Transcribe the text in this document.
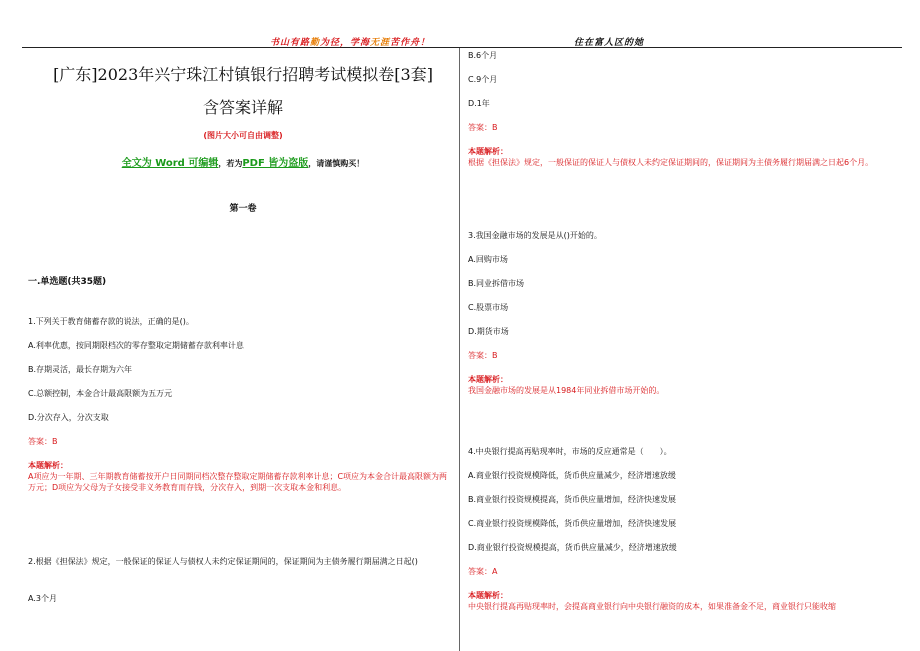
书山有路勤为径，学海无涯苦作舟！	住在富人区的她
[广东]2023年兴宁珠江村镇银行招聘考试模拟卷[3套]
含答案详解
(图片大小可自由调整)
全文为 Word 可编辑，若为PDF 皆为盗版，请谨慎购买！
第一卷
一.单选题(共35题)
1.下列关于教育储蓄存款的说法，正确的是()。
A.利率优惠，按同期限档次的零存整取定期储蓄存款利率计息
B.存期灵活，最长存期为六年
C.总额控制，本金合计最高限额为五万元
D.分次存入，分次支取
答案：B
本题解析：
A项应为一年期、三年期教育储蓄按开户日同期同档次整存整取定期储蓄存款利率计息；C项应为本金合计最高限额为两万元；D项应为父母为子女接受非义务教育而存钱，分次存入，到期一次支取本金和利息。
2.根据《担保法》规定，一般保证的保证人与债权人未约定保证期间的，保证期间为主债务履行期届满之日起()
A.3个月
B.6个月
C.9个月
D.1年
答案：B
本题解析：
根据《担保法》规定，一般保证的保证人与债权人未约定保证期间的，保证期间为主债务履行期届满之日起6个月。
3.我国金融市场的发展是从()开始的。
A.回购市场
B.同业拆借市场
C.股票市场
D.期货市场
答案：B
本题解析：
我国金融市场的发展是从1984年同业拆借市场开始的。
4.中央银行提高再贴现率时，市场的反应通常是（　　）。
A.商业银行投资规模降低，货币供应量减少，经济增速放缓
B.商业银行投资规模提高，货币供应量增加，经济快速发展
C.商业银行投资规模降低，货币供应量增加，经济快速发展
D.商业银行投资规模提高，货币供应量减少，经济增速放缓
答案：A
本题解析：
中央银行提高再贴现率时，会提高商业银行向中央银行融资的成本，如果准备金不足，商业银行只能收缩
